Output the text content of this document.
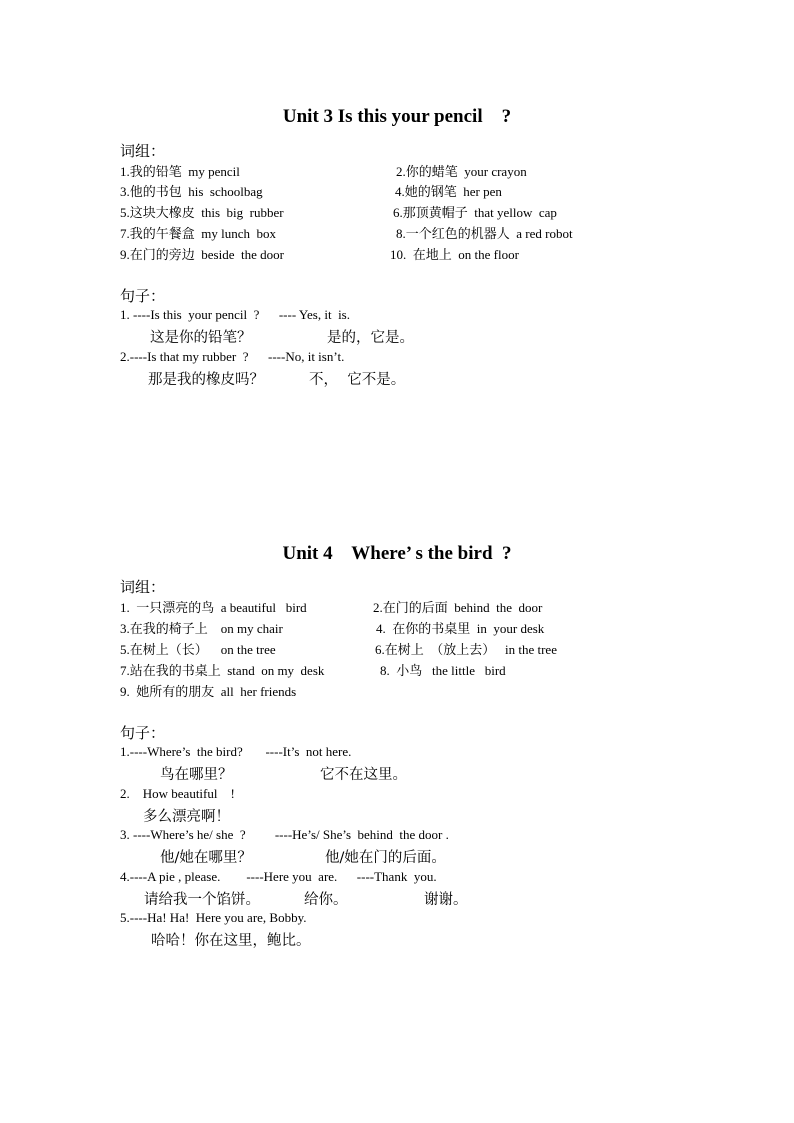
Unit 3 Is this your pencil    ?
词组：
1.我的铅笔  my pencil	2.你的蜡笔  your crayon
3.他的书包  his  schoolbag	4.她的钢笔  her pen
5.这块大橡皮  this  big  rubber	6.那顶黄帽子  that yellow  cap
7.我的午餐盒  my lunch  box	8.一个红色的机器人  a red robot
9.在门的旁边  beside  the door	10.  在地上  on the floor
句子：
1. ----Is this  your pencil  ?      ---- Yes, it  is.
这是你的铅笔？	是的，它是。
2.----Is that my rubber  ?      ----No, it isn’t.
那是我的橡皮吗？	不，  它不是。
Unit 4    Where’ s the bird  ?
词组：
1.  一只漂亮的鸟  a beautiful   bird	2.在门的后面  behind  the  door
3.在我的椅子上    on my chair	4.  在你的书桌里  in  your desk
5.在树上（长）    on the tree	6.在树上  （放上去）   in the tree
7.站在我的书桌上  stand  on my  desk	8.  小鸟   the little   bird
9.  她所有的朋友  all  her friends
句子：
1.----Where’s  the bird?       ----It’s  not here.
鸟在哪里？	它不在这里。
2.    How beautiful    !
多么漂亮啊！
3. ----Where’s he/ she  ?         ----He’s/ She’s  behind  the door .
他/她在哪里？	他/她在门的后面。
4.----A pie , please.        ----Here you  are.      ----Thank  you.
请给我一个馅饼。	给你。	谢谢。
5.----Ha! Ha!  Here you are, Bobby.
哈哈！你在这里，鲍比。
